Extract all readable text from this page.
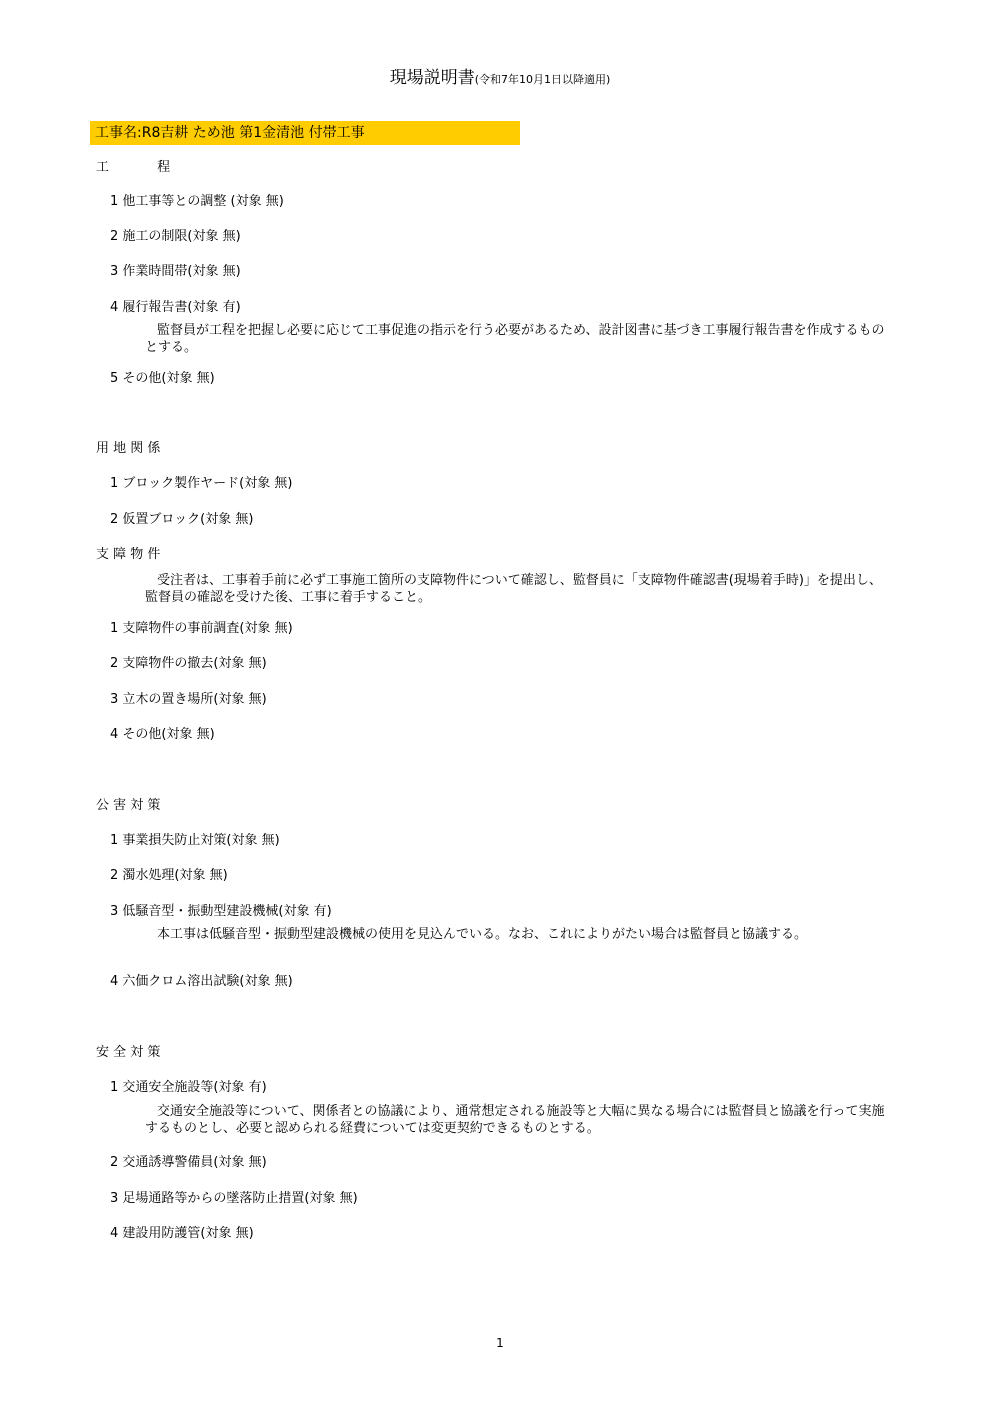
現場説明書(令和7年10月1日以降適用)
工事名:R8吉耕 ため池 第1金清池 付帯工事
工 程
1 他工事等との調整 (対象 無)
2 施工の制限(対象 無)
3 作業時間帯(対象 無)
4 履行報告書(対象 有)
監督員が工程を把握し必要に応じて工事促進の指示を行う必要があるため、設計図書に基づき工事履行報告書を作成するものとする。
5 その他(対象 無)
用 地 関 係
1 ブロック製作ヤード(対象 無)
2 仮置ブロック(対象 無)
支 障 物 件
受注者は、工事着手前に必ず工事施工箇所の支障物件について確認し、監督員に「支障物件確認書(現場着手時)」を提出し、監督員の確認を受けた後、工事に着手すること。
1 支障物件の事前調査(対象 無)
2 支障物件の撤去(対象 無)
3 立木の置き場所(対象 無)
4 その他(対象 無)
公 害 対 策
1 事業損失防止対策(対象 無)
2 濁水処理(対象 無)
3 低騒音型・振動型建設機械(対象 有)
本工事は低騒音型・振動型建設機械の使用を見込んでいる。なお、これによりがたい場合は監督員と協議する。
4 六価クロム溶出試験(対象 無)
安 全 対 策
1 交通安全施設等(対象 有)
交通安全施設等について、関係者との協議により、通常想定される施設等と大幅に異なる場合には監督員と協議を行って実施するものとし、必要と認められる経費については変更契約できるものとする。
2 交通誘導警備員(対象 無)
3 足場通路等からの墜落防止措置(対象 無)
4 建設用防護管(対象 無)
1
